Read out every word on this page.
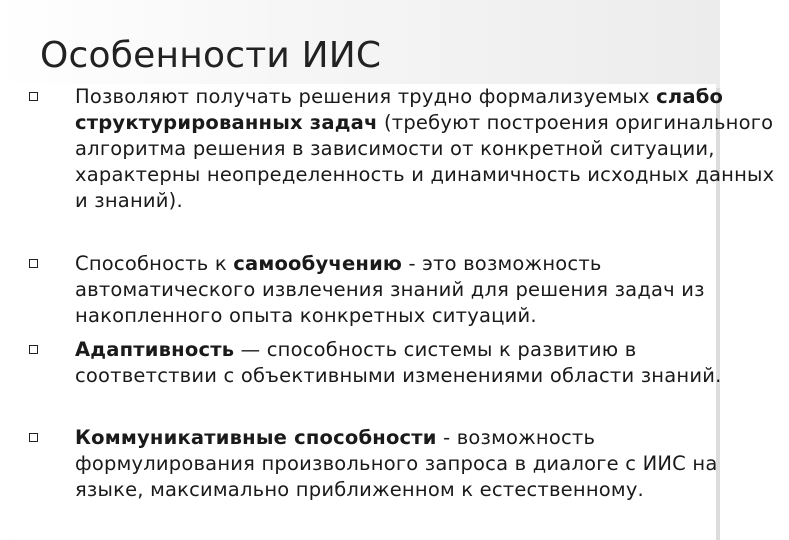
Особенности ИИС
Позволяют получать решения трудно формализуемых слабо структурированных задач (требуют построения оригинального алгоритма решения в зависимости от конкретной ситуации, характерны неопределенность и динамичность исходных данных и знаний).
Способность к самообучению - это возможность автоматического извлечения знаний для решения задач из накопленного опыта конкретных ситуаций.
Адаптивность — способность системы к развитию в соответствии с объективными изменениями области знаний.
Коммуникативные способности - возможность формулирования произвольного запроса в диалоге с ИИС на языке, максимально приближенном к естественному.
